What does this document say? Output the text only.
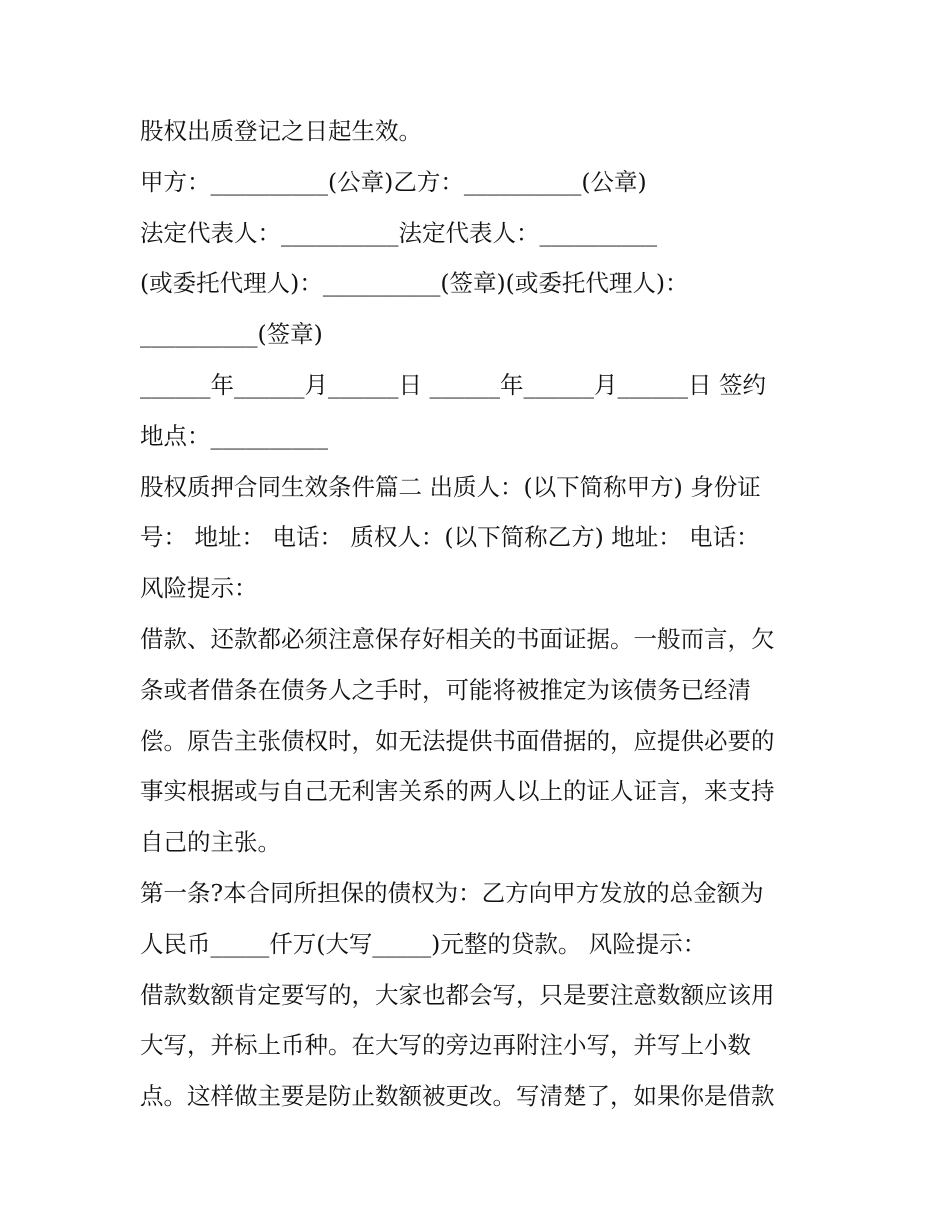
股权出质登记之日起生效。
甲方：__________(公章)乙方：__________(公章)
法定代表人：__________法定代表人：__________
(或委托代理人)：__________(签章)(或委托代理人)：
__________(签章)
______年______月______日 ______年______月______日 签约
地点：__________
股权质押合同生效条件篇二 出质人：(以下简称甲方) 身份证
号： 地址： 电话： 质权人：(以下简称乙方) 地址： 电话：
风险提示：
借款、还款都必须注意保存好相关的书面证据。一般而言，欠
条或者借条在债务人之手时，可能将被推定为该债务已经清
偿。原告主张债权时，如无法提供书面借据的，应提供必要的
事实根据或与自己无利害关系的两人以上的证人证言，来支持
自己的主张。
第一条?本合同所担保的债权为：乙方向甲方发放的总金额为
人民币_____仟万(大写_____)元整的贷款。 风险提示：
借款数额肯定要写的，大家也都会写，只是要注意数额应该用
大写，并标上币种。在大写的旁边再附注小写，并写上小数
点。这样做主要是防止数额被更改。写清楚了，如果你是借款
